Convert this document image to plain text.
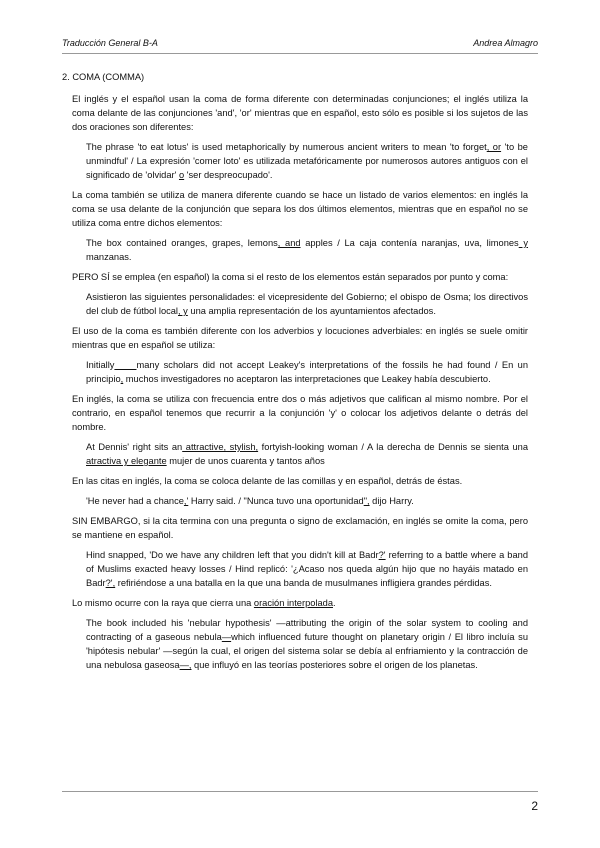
Traducción General B-A	Andrea Almagro
2. COMA (COMMA)
El inglés y el español usan la coma de forma diferente con determinadas conjunciones; el inglés utiliza la coma delante de las conjunciones 'and', 'or' mientras que en español, esto sólo es posible si los sujetos de las dos oraciones son diferentes:
The phrase 'to eat lotus' is used metaphorically by numerous ancient writers to mean 'to forget, or 'to be unmindful' / La expresión 'comer loto' es utilizada metafóricamente por numerosos autores antiguos con el significado de 'olvidar' o 'ser despreocupado'.
La coma también se utiliza de manera diferente cuando se hace un listado de varios elementos: en inglés la coma se usa delante de la conjunción que separa los dos últimos elementos, mientras que en español no se utiliza coma entre dichos elementos:
The box contained oranges, grapes, lemons, and apples / La caja contenía naranjas, uva, limones y manzanas.
PERO SÍ se emplea (en español) la coma si el resto de los elementos están separados por punto y coma:
Asistieron las siguientes personalidades: el vicepresidente del Gobierno; el obispo de Osma; los directivos del club de fútbol local, y una amplia representación de los ayuntamientos afectados.
El uso de la coma es también diferente con los adverbios y locuciones adverbiales: en inglés se suele omitir mientras que en español se utiliza:
Initially many scholars did not accept Leakey's interpretations of the fossils he had found / En un principio, muchos investigadores no aceptaron las interpretaciones que Leakey había descubierto.
En inglés, la coma se utiliza con frecuencia entre dos o más adjetivos que califican al mismo nombre. Por el contrario, en español tenemos que recurrir a la conjunción 'y' o colocar los adjetivos delante o detrás del nombre.
At Dennis' right sits an attractive, stylish, fortyish-looking woman / A la derecha de Dennis se sienta una atractiva y elegante mujer de unos cuarenta y tantos años
En las citas en inglés, la coma se coloca delante de las comillas y en español, detrás de éstas.
'He never had a chance,' Harry said. / "Nunca tuvo una oportunidad", dijo Harry.
SIN EMBARGO, si la cita termina con una pregunta o signo de exclamación, en inglés se omite la coma, pero se mantiene en español.
Hind snapped, 'Do we have any children left that you didn't kill at Badr?' referring to a battle where a band of Muslims exacted heavy losses / Hind replicó: '¿Acaso nos queda algún hijo que no hayáis matado en Badr?', refiriéndose a una batalla en la que una banda de musulmanes infligiera grandes pérdidas.
Lo mismo ocurre con la raya que cierra una oración interpolada.
The book included his 'nebular hypothesis' —attributing the origin of the solar system to cooling and contracting of a gaseous nebula—which influenced future thought on planetary origin / El libro incluía su 'hipótesis nebular' —según la cual, el origen del sistema solar se debía al enfriamiento y la contracción de una nebulosa gaseosa—, que influyó en las teorías posteriores sobre el origen de los planetas.
2
